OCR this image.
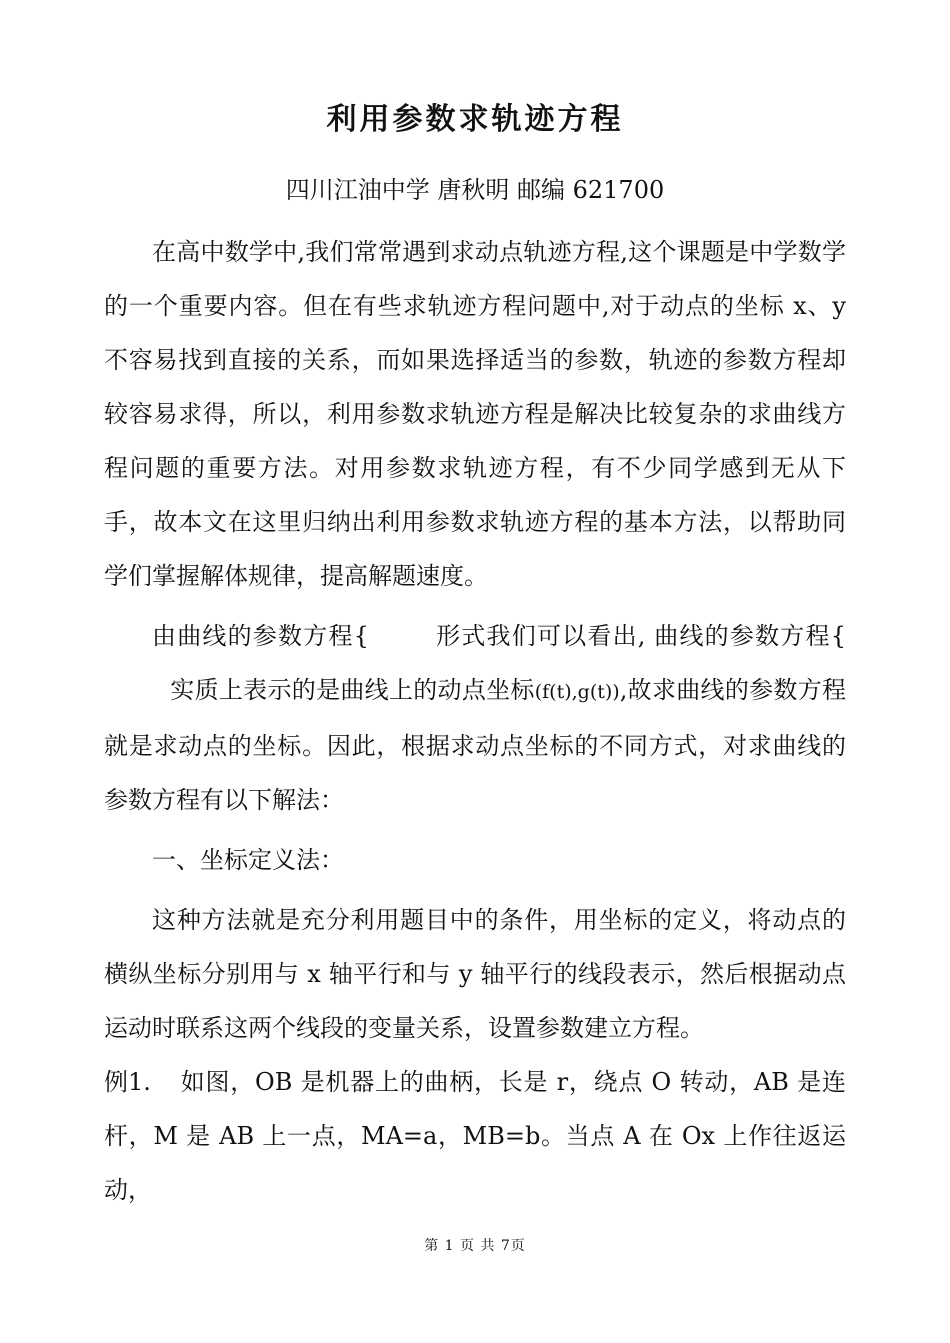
利用参数求轨迹方程
四川江油中学 唐秋明 邮编 621700

在高中数学中,我们常常遇到求动点轨迹方程,这个课题是中学数学的一个重要内容。但在有些求轨迹方程问题中,对于动点的坐标 x、y 不容易找到直接的关系，而如果选择适当的参数，轨迹的参数方程却较容易求得，所以，利用参数求轨迹方程是解决比较复杂的求曲线方程问题的重要方法。对用参数求轨迹方程，有不少同学感到无从下手，故本文在这里归纳出利用参数求轨迹方程的基本方法，以帮助同学们掌握解体规律，提高解题速度。

由曲线的参数方程{	形式我们可以看出, 曲线的参数方程{实质上表示的是曲线上的动点坐标(f(t),g(t)),故求曲线的参数方程就是求动点的坐标。因此，根据求动点坐标的不同方式，对求曲线的参数方程有以下解法：

一、坐标定义法：

这种方法就是充分利用题目中的条件，用坐标的定义，将动点的横纵坐标分别用与 x 轴平行和与 y 轴平行的线段表示，然后根据动点运动时联系这两个线段的变量关系，设置参数建立方程。

例1. 如图，OB 是机器上的曲柄，长是 r，绕点 O 转动，AB 是连杆，M 是 AB 上一点，MA=a，MB=b。当点 A 在 Ox 上作往返运动，

第 1 页 共 7页
